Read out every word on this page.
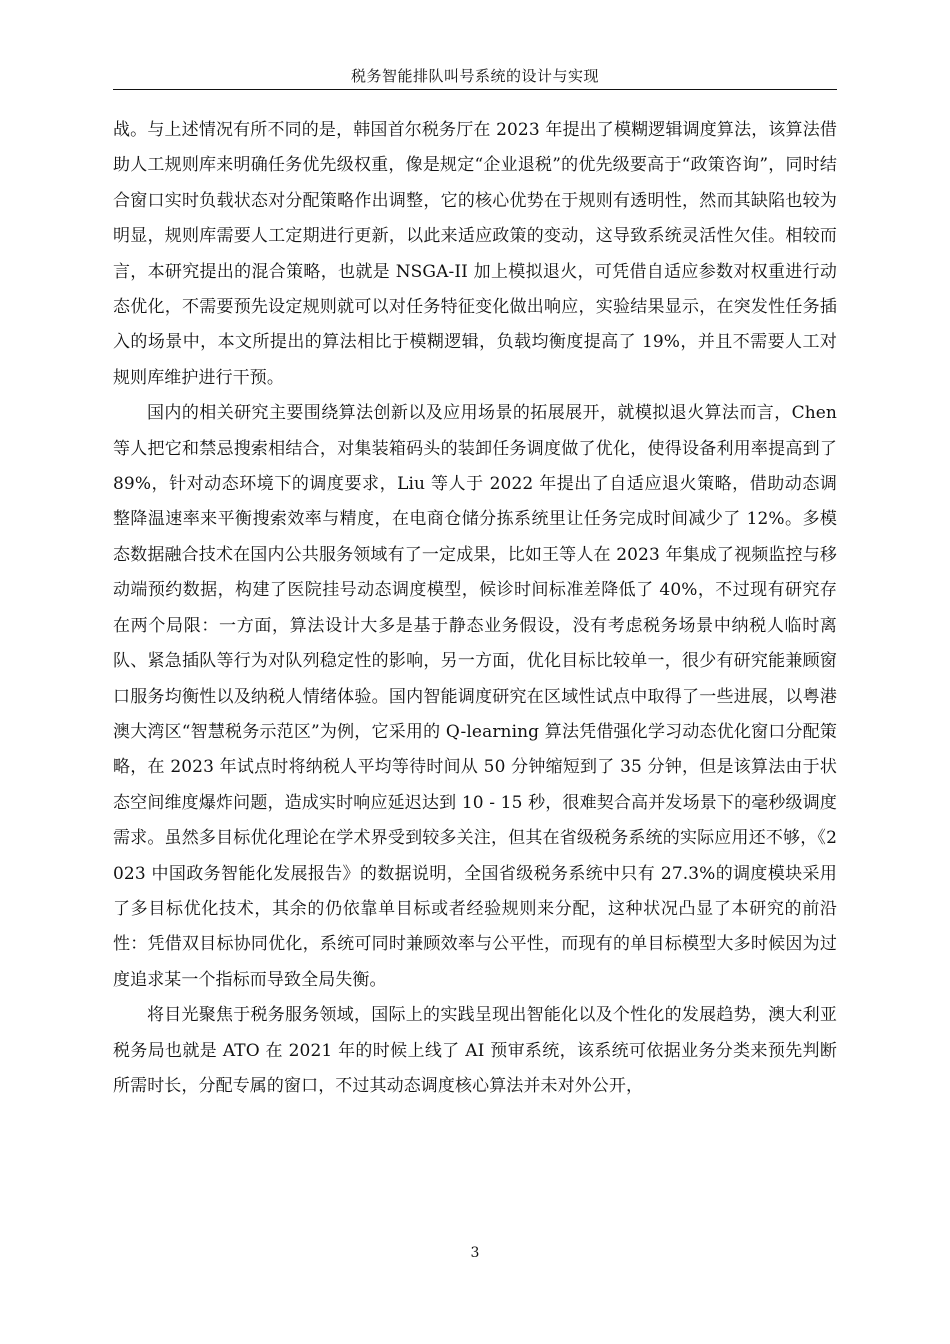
税务智能排队叫号系统的设计与实现

战。与上述情况有所不同的是，韩国首尔税务厅在 2023 年提出了模糊逻辑调度算法，该算法借助人工规则库来明确任务优先级权重，像是规定“企业退税”的优先级要高于“政策咨询”，同时结合窗口实时负载状态对分配策略作出调整，它的核心优势在于规则有透明性，然而其缺陷也较为明显，规则库需要人工定期进行更新，以此来适应政策的变动，这导致系统灵活性欠佳。相较而言，本研究提出的混合策略，也就是 NSGA-II 加上模拟退火，可凭借自适应参数对权重进行动态优化，不需要预先设定规则就可以对任务特征变化做出响应，实验结果显示，在突发性任务插入的场景中，本文所提出的算法相比于模糊逻辑，负载均衡度提高了 19%，并且不需要人工对规则库维护进行干预。

国内的相关研究主要围绕算法创新以及应用场景的拓展展开，就模拟退火算法而言，Chen 等人把它和禁忌搜索相结合，对集装箱码头的装卸任务调度做了优化，使得设备利用率提高到了 89%，针对动态环境下的调度要求，Liu 等人于 2022 年提出了自适应退火策略，借助动态调整降温速率来平衡搜索效率与精度，在电商仓储分拣系统里让任务完成时间减少了 12%。多模态数据融合技术在国内公共服务领域有了一定成果，比如王等人在 2023 年集成了视频监控与移动端预约数据，构建了医院挂号动态调度模型，候诊时间标准差降低了 40%，不过现有研究存在两个局限：一方面，算法设计大多是基于静态业务假设，没有考虑税务场景中纳税人临时离队、紧急插队等行为对队列稳定性的影响，另一方面，优化目标比较单一，很少有研究能兼顾窗口服务均衡性以及纳税人情绪体验。国内智能调度研究在区域性试点中取得了一些进展，以粤港澳大湾区“智慧税务示范区”为例，它采用的 Q-learning 算法凭借强化学习动态优化窗口分配策略，在 2023 年试点时将纳税人平均等待时间从 50 分钟缩短到了 35 分钟，但是该算法由于状态空间维度爆炸问题，造成实时响应延迟达到 10 - 15 秒，很难契合高并发场景下的毫秒级调度需求。虽然多目标优化理论在学术界受到较多关注，但其在省级税务系统的实际应用还不够，《2023 中国政务智能化发展报告》的数据说明，全国省级税务系统中只有 27.3%的调度模块采用了多目标优化技术，其余的仍依靠单目标或者经验规则来分配，这种状况凸显了本研究的前沿性：凭借双目标协同优化，系统可同时兼顾效率与公平性，而现有的单目标模型大多时候因为过度追求某一个指标而导致全局失衡。

将目光聚焦于税务服务领域，国际上的实践呈现出智能化以及个性化的发展趋势，澳大利亚税务局也就是 ATO 在 2021 年的时候上线了 AI 预审系统，该系统可依据业务分类来预先判断所需时长，分配专属的窗口，不过其动态调度核心算法并未对外公开，

3
